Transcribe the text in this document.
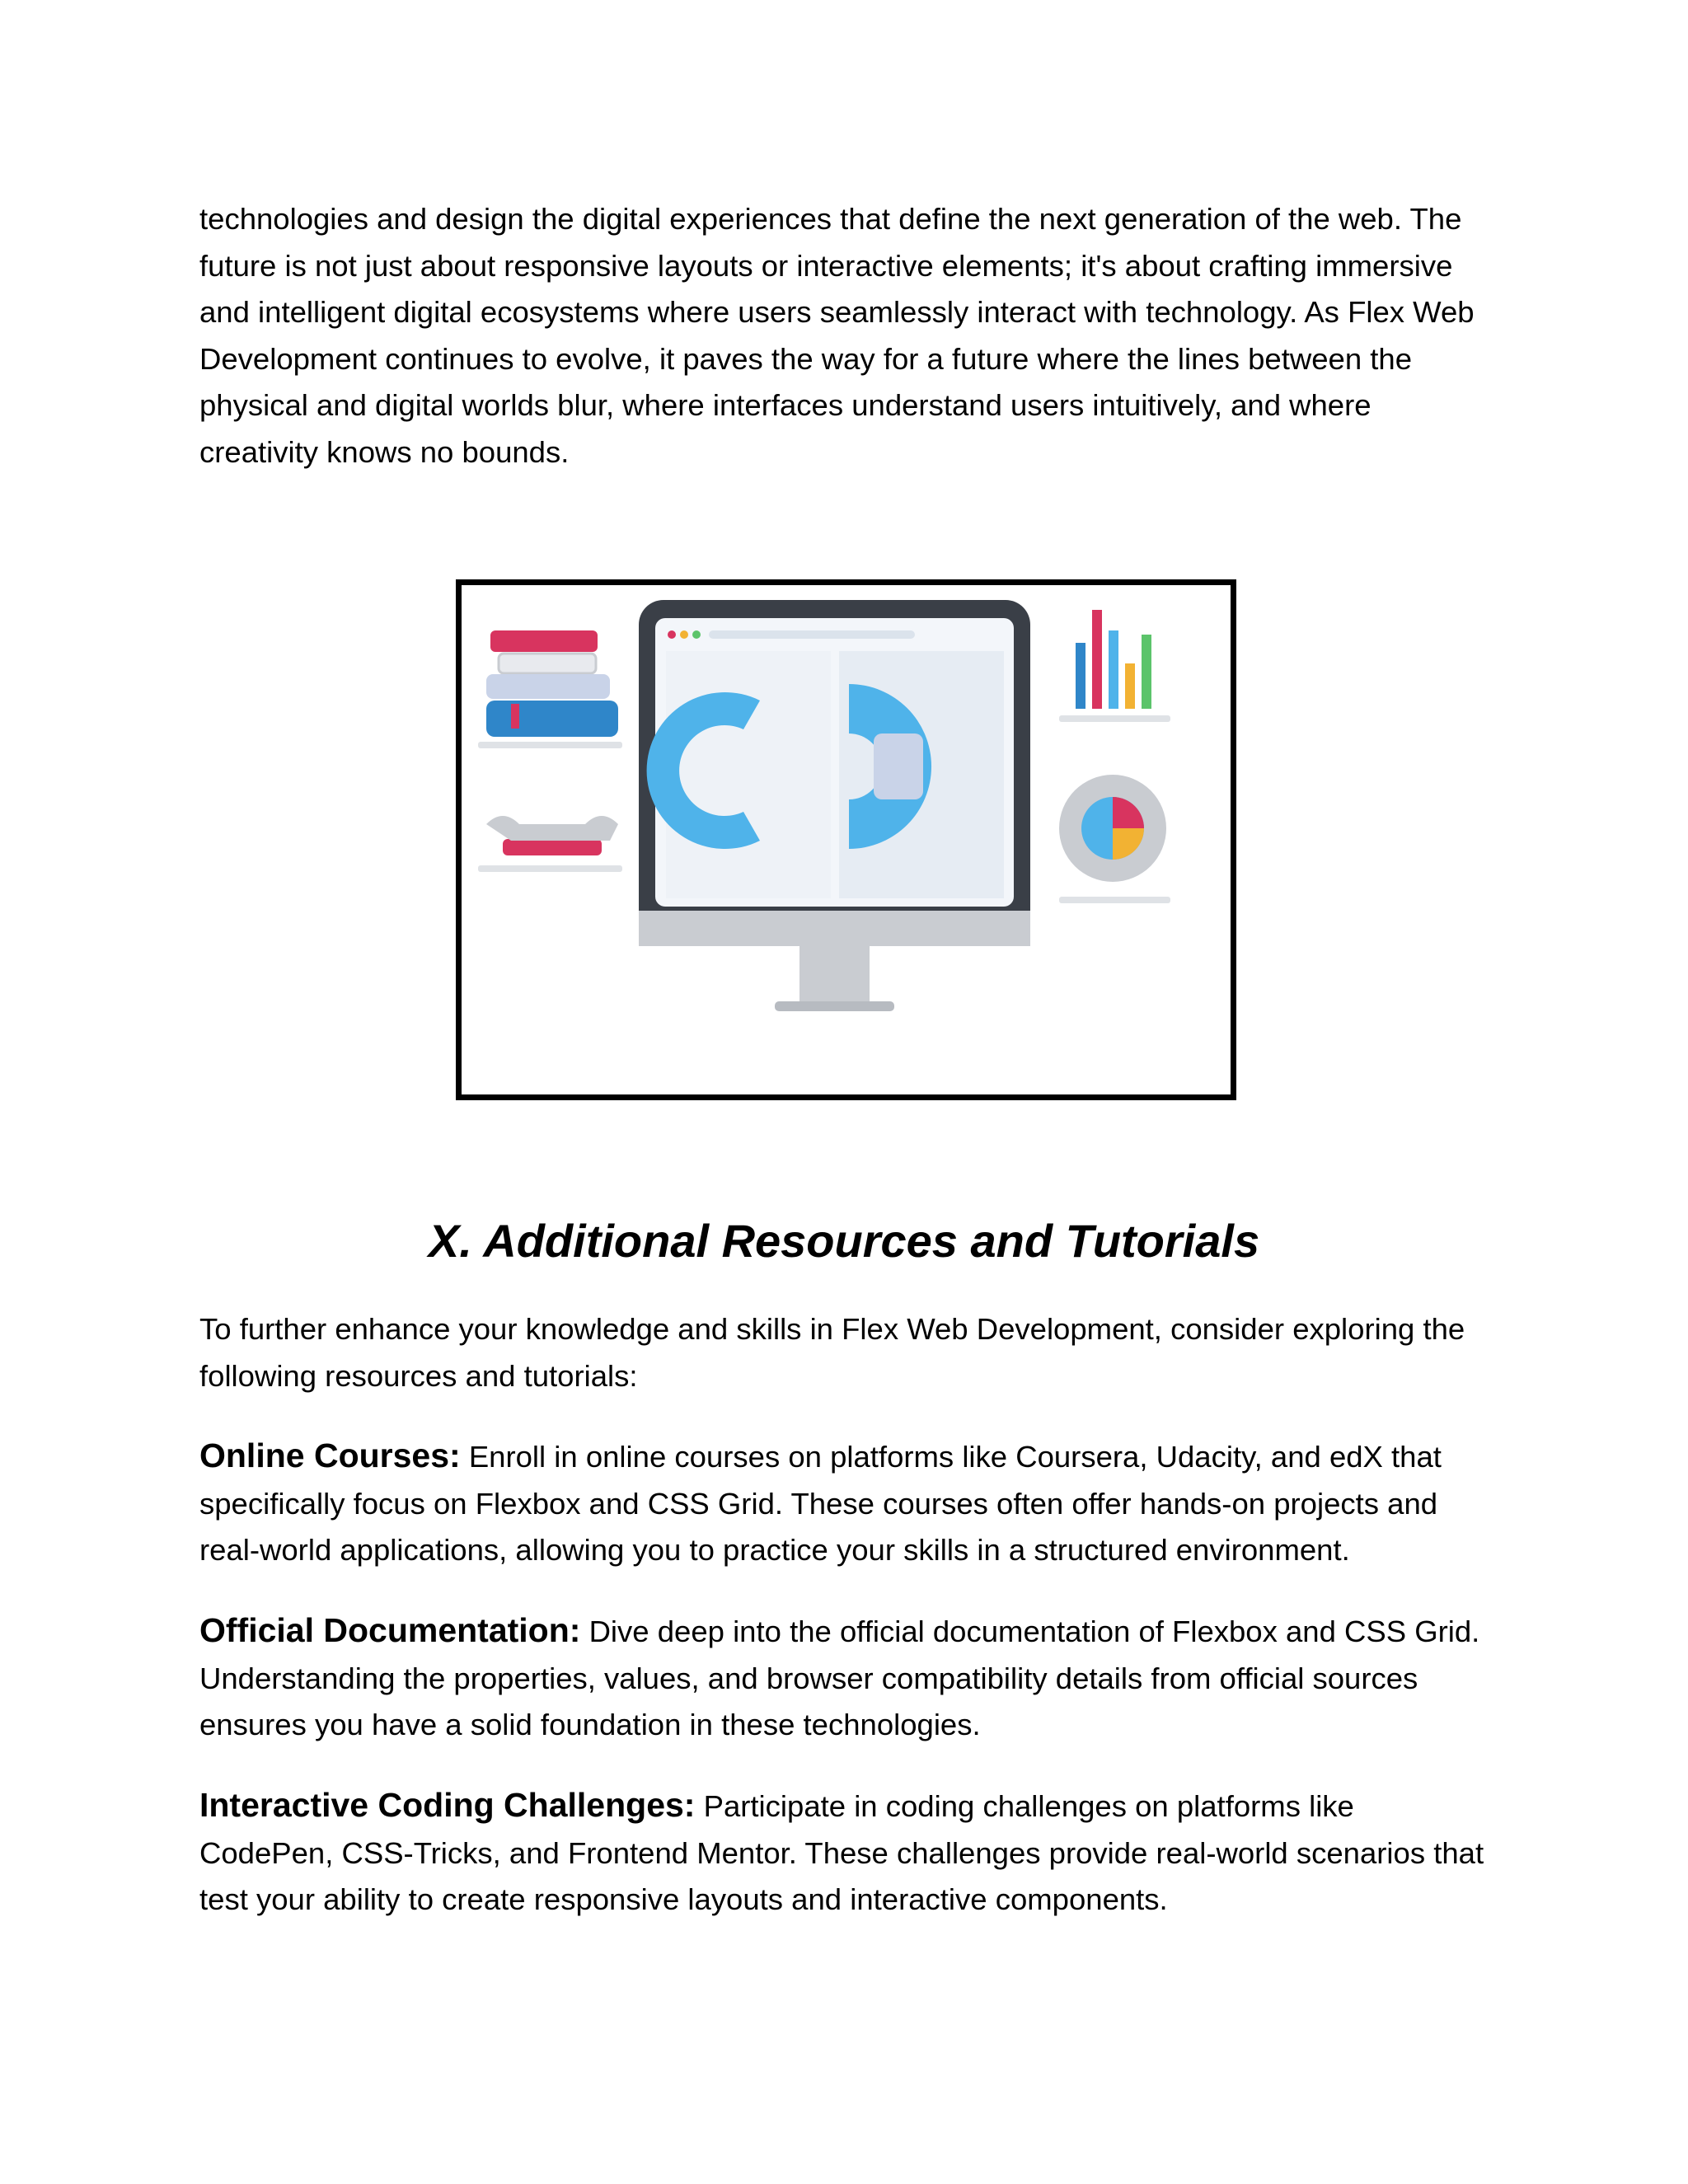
technologies and design the digital experiences that define the next generation of the web. The future is not just about responsive layouts or interactive elements; it's about crafting immersive and intelligent digital ecosystems where users seamlessly interact with technology. As Flex Web Development continues to evolve, it paves the way for a future where the lines between the physical and digital worlds blur, where interfaces understand users intuitively, and where creativity knows no bounds.

X. Additional Resources and Tutorials

To further enhance your knowledge and skills in Flex Web Development, consider exploring the following resources and tutorials:

Online Courses: Enroll in online courses on platforms like Coursera, Udacity, and edX that specifically focus on Flexbox and CSS Grid. These courses often offer hands-on projects and real-world applications, allowing you to practice your skills in a structured environment.

Official Documentation: Dive deep into the official documentation of Flexbox and CSS Grid. Understanding the properties, values, and browser compatibility details from official sources ensures you have a solid foundation in these technologies.

Interactive Coding Challenges: Participate in coding challenges on platforms like CodePen, CSS-Tricks, and Frontend Mentor. These challenges provide real-world scenarios that test your ability to create responsive layouts and interactive components.
